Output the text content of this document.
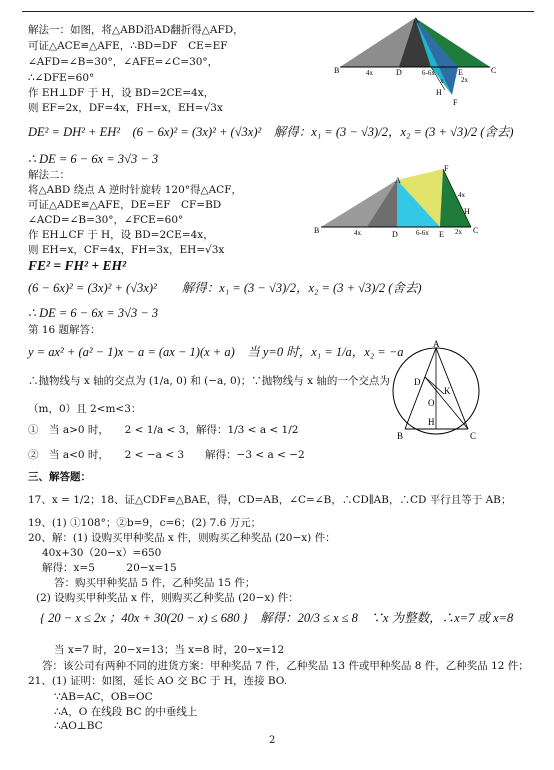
A
B	C
D	E
F
H
4x	6-6x
2x
x
A
B	C
D	E
F
H
4x	6-6x	2x
4x
A
B	C
D
K
O
H
解法一：如图，将△ABD沿AD翻折得△AFD，
可证△ACE≌△AFE，∴BD=DF　CE=EF
∠AFD=∠B=30°，∠AFE=∠C=30°，
∴∠DFE=60°
作 EH⊥DF 于 H，设 BD=2CE=4x，
则 EF=2x，DF=4x，FH=x，EH=√3x
DE² = DH² + EH²　(6 − 6x)² = (3x)² + (√3x)²　解得：x₁ = (3 − √3)/2，x₂ = (3 + √3)/2 (舍去)
∴ DE = 6 − 6x = 3√3 − 3
解法二：
将△ABD 绕点 A 逆时针旋转 120°得△ACF，
可证△ADE≌△AFE，DE=EF　CF=BD
∠ACD=∠B=30°，∠FCE=60°
作 EH⊥CF 于 H，设 BD=2CE=4x，
则 EH=x，CF=4x，FH=3x，EH=√3x
FE² = FH² + EH²
(6 − 6x)² = (3x)² + (√3x)²　　解得：x₁ = (3 − √3)/2，x₂ = (3 + √3)/2 (舍去)
∴ DE = 6 − 6x = 3√3 − 3
第 16 题解答：
y = ax² + (a² − 1)x − a = (ax − 1)(x + a)　当 y=0 时，x₁ = 1/a，x₂ = −a
∴抛物线与 x 轴的交点为 (1/a, 0) 和 (−a, 0)；∵抛物线与 x 轴的一个交点为
（m，0）且 2<m<3：
①　当 a>0 时，　　2 < 1/a < 3，解得：1/3 < a < 1/2
②　当 a<0 时，　　2 < −a < 3　　解得：−3 < a < −2
三、解答题：
17、x = 1/2；18、证△CDF≌△BAE，得，CD=AB，∠C=∠B，∴CD∥AB，∴CD 平行且等于 AB；
19、(1) ①108°；②b=9，c=6；(2) 7.6 万元；
20、解：(1) 设购买甲种奖品 x 件，则购买乙种奖品 (20−x) 件：
40x+30（20−x）=650
解得：x=5　　　20−x=15
答：购买甲种奖品 5 件，乙种奖品 15 件；
(2) 设购买甲种奖品 x 件，则购买乙种奖品 (20−x) 件：
{ 20 − x ≤ 2x ；40x + 30(20 − x) ≤ 680 }　解得：20/3 ≤ x ≤ 8　∵x 为整数，∴x=7 或 x=8
当 x=7 时，20−x=13；当 x=8 时，20−x=12
答：该公司有两种不同的进货方案：甲种奖品 7 件，乙种奖品 13 件或甲种奖品 8 件，乙种奖品 12 件；
21、(1) 证明：如图，延长 AO 交 BC 于 H，连接 BO.
∵AB=AC，OB=OC
∴A，O 在线段 BC 的中垂线上
∴AO⊥BC
2
